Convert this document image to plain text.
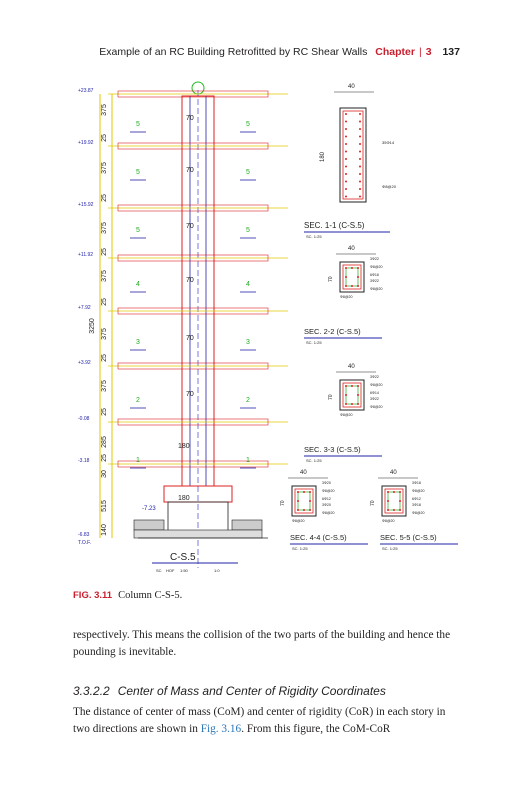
Example of an RC Building Retrofitted by RC Shear Walls Chapter | 3 137
+23.87
+19.92
+15.92
+11.92
+7.92
+3.92
-0.08
-3.18
-6.83
T.O.F.
5	5
5	5
5	5
4	4
3	3
2	2
1	1
70
70
70
70
70
70
180
180
375
25
375
25
375
25
375
25
375
25
375
25
285
25
30
515
140
3250
C-S.5
SC HOF 1:50	1:0
-7.23
40
180
35Φ14
Φ8@20
SEC. 1-1 (C-S.5)
SC. 1:25
40
70
3Φ22
Φ8@20
6Φ16
3Φ22
Φ8@20
Φ8@20
SEC. 2-2 (C-S.5)
SC. 1:25
40
70
3Φ22
Φ8@20
6Φ14
3Φ22
Φ8@20
Φ8@20
SEC. 3-3 (C-S.5)
SC. 1:25
40
70
3Φ20
Φ8@20
6Φ12
3Φ20
Φ8@20
Φ8@20
SEC. 4-4 (C-S.5)
SC. 1:25
40
70
3Φ18
Φ8@20
6Φ12
3Φ18
Φ8@20
Φ8@20
SEC. 5-5 (C-S.5)
SC. 1:25
FIG. 3.11 Column C-S-5.
respectively. This means the collision of the two parts of the building and hence the pounding is inevitable.
3.3.2.2 Center of Mass and Center of Rigidity Coordinates
The distance of center of mass (CoM) and center of rigidity (CoR) in each story in two directions are shown in Fig. 3.16. From this figure, the CoM-CoR
